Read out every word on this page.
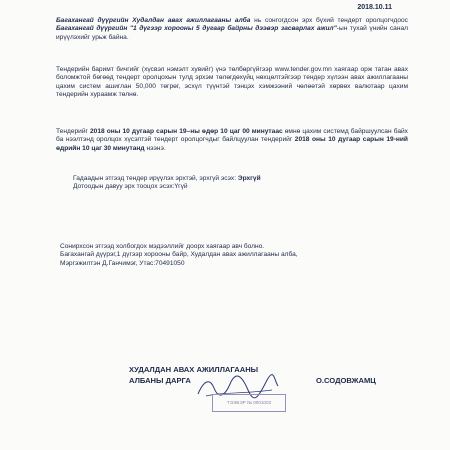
2018.10.11
Багахангай дүүргийн Худалдан авах ажиллагааны алба нь сонгогдсон эрх бүхий тендерт оролцогчдоос Багахангай дүүргийн "1 дүгээр хорооны 5 дугаар байрны дээвэр засварлах ажил"-ын тухай үнийн санал ирүүлэхийг урьж байна.
Тендерийн баримт бичгийг (хүсвэл нэмэлт хувийг) үнэ төлбөргүйгээр www.tender.gov.mn хаягаар орж татан авах боломжтой бөгөөд тендерт оролцохын тулд эрхэм төлөгдөхүйц нөхцөлтэйгээр тендер хүлээн авах ажиллагааны цахим систем ашиглан 50,000 төгрөг, эсхүл түүнтэй тэнцэх хэмжээний чөлөөтэй хөрвөх валютаар цахим тендерийн хураамж төлнө.
Тендерийг 2018 оны 10 дугаар сарын 19–ны өдөр 10 цаг 00 минутаас өмнө цахим системд байршуулсан байх ба нээлтэнд оролцох хүсэлтэй тендерт оролцогчдыг байлцуулан тендерийг 2018 оны 10 дугаар сарын 19-ний өдрийн 10 цаг 30 минутанд нээнэ.
Гадаадын этгээд тендер ирүүлэх эрхтэй, эрхгүй эсэх: Эрхгүй
Дотоодын давуу эрх тооцох эсэх:Үгүй
Сонирхсон этгээд холбогдох мэдээллийг доорх хаягаар авч болно.
Багахангай дүүрэг,1 дүгээр хорооны байр, Худалдан авах ажиллагааны алба,
Мэргэжилтэн Д.Ганчимэг, Утас:70491050
ХУДАЛДАН АВАХ АЖИЛЛАГААНЫ
АЛБАНЫ ДАРГА	О.СОДОВЖАМЦ
ТЭЭВЭР № 0001003
